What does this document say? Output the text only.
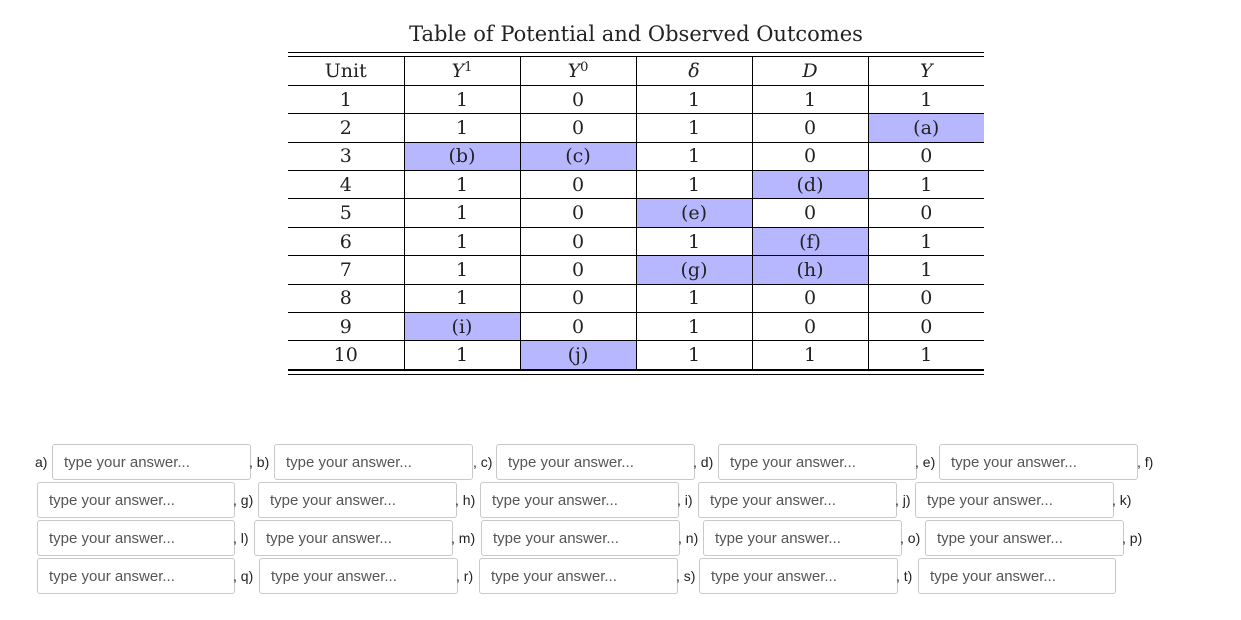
Table of Potential and Observed Outcomes
Unit	$Y^1$	$Y^0$	δ	D	Y
1	1	0	1	1	1
2	1	0	1	0	(a)
3	(b)	(c)	1	0	0
4	1	0	1	(d)	1
5	1	0	(e)	0	0
6	1	0	1	(f)	1
7	1	0	(g)	(h)	1
8	1	0	1	0	0
9	(i)	0	1	0	0
10	1	(j)	1	1	1
a)
type your answer...	, b)
type your answer...	, c)
type your answer...	, d)
type your answer...	, e)
type your answer...	, f)
type your answer...
, g)
type your answer...	, h)
type your answer...	, i)
type your answer...	, j)
type your answer...	, k)
type your answer...
, l)
type your answer...	, m)
type your answer...	, n)
type your answer...	, o)
type your answer...	, p)
type your answer...
, q)
type your answer...	, r)
type your answer...	, s)
type your answer...	, t)
type your answer...
